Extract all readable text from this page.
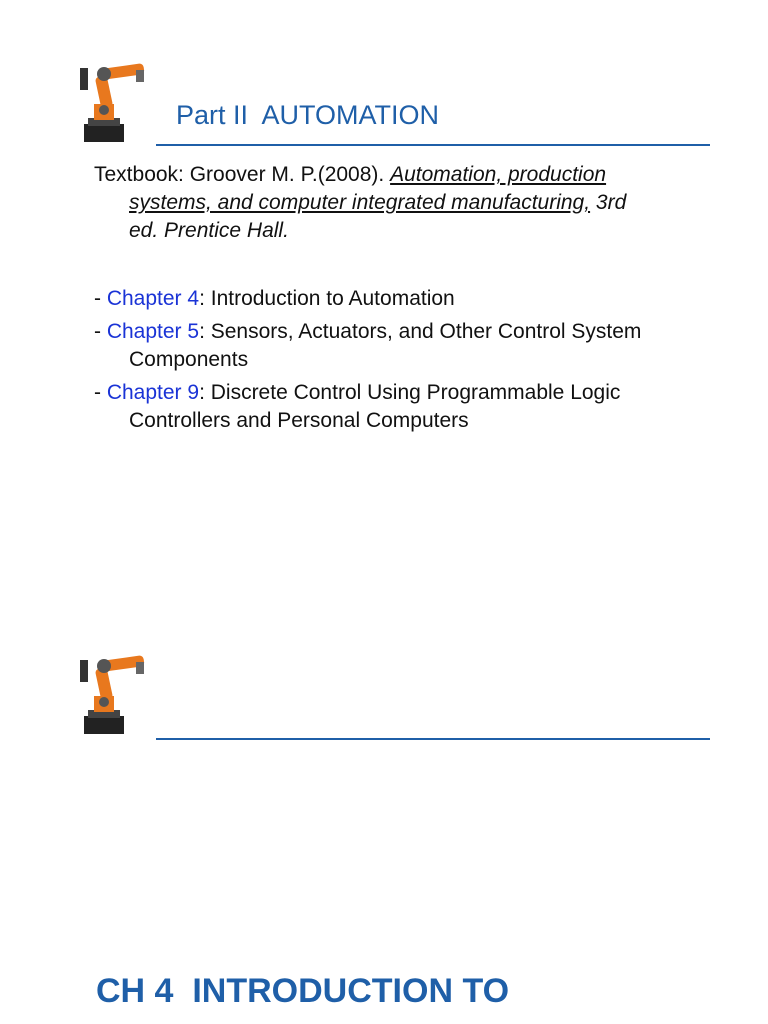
Part II  AUTOMATION
Textbook: Groover M. P.(2008). Automation, production
systems, and computer integrated manufacturing, 3rd
ed. Prentice Hall.
- Chapter 4: Introduction to Automation
- Chapter 5: Sensors, Actuators, and Other Control System
Components
- Chapter 9: Discrete Control Using Programmable Logic
Controllers and Personal Computers
CH 4  INTRODUCTION TO
